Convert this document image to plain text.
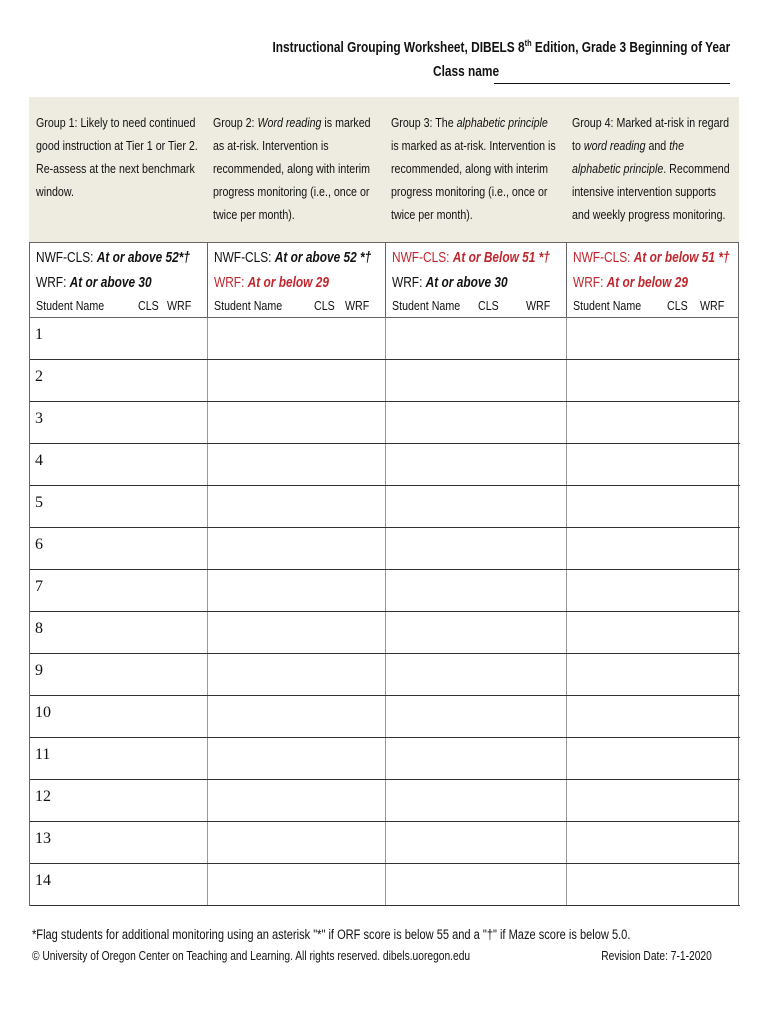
Instructional Grouping Worksheet, DIBELS 8th Edition, Grade 3 Beginning of Year
Class name
Group 1: Likely to need continued good instruction at Tier 1 or Tier 2. Re-assess at the next benchmark window.
Group 2: Word reading is marked as at-risk. Intervention is recommended, along with interim progress monitoring (i.e., once or twice per month).
Group 3: The alphabetic principle is marked as at-risk. Intervention is recommended, along with interim progress monitoring (i.e., once or twice per month).
Group 4: Marked at-risk in regard to word reading and the alphabetic principle. Recommend intensive intervention supports and weekly progress monitoring.
NWF-CLS: At or above 52*†
WRF: At or above 30
Student Name	CLS WRF
NWF-CLS: At or above 52 *†
WRF: At or below 29
Student Name	CLS WRF
NWF-CLS: At or Below 51 *†
WRF: At or above 30
Student Name	CLS	WRF
NWF-CLS: At or below 51 *†
WRF: At or below 29
Student Name	CLS WRF
1
2
3
4
5
6
7
8
9
10
11
12
13
14
*Flag students for additional monitoring using an asterisk "*" if ORF score is below 55 and a "†" if Maze score is below 5.0.
© University of Oregon Center on Teaching and Learning. All rights reserved. dibels.uoregon.edu	Revision Date: 7-1-2020
